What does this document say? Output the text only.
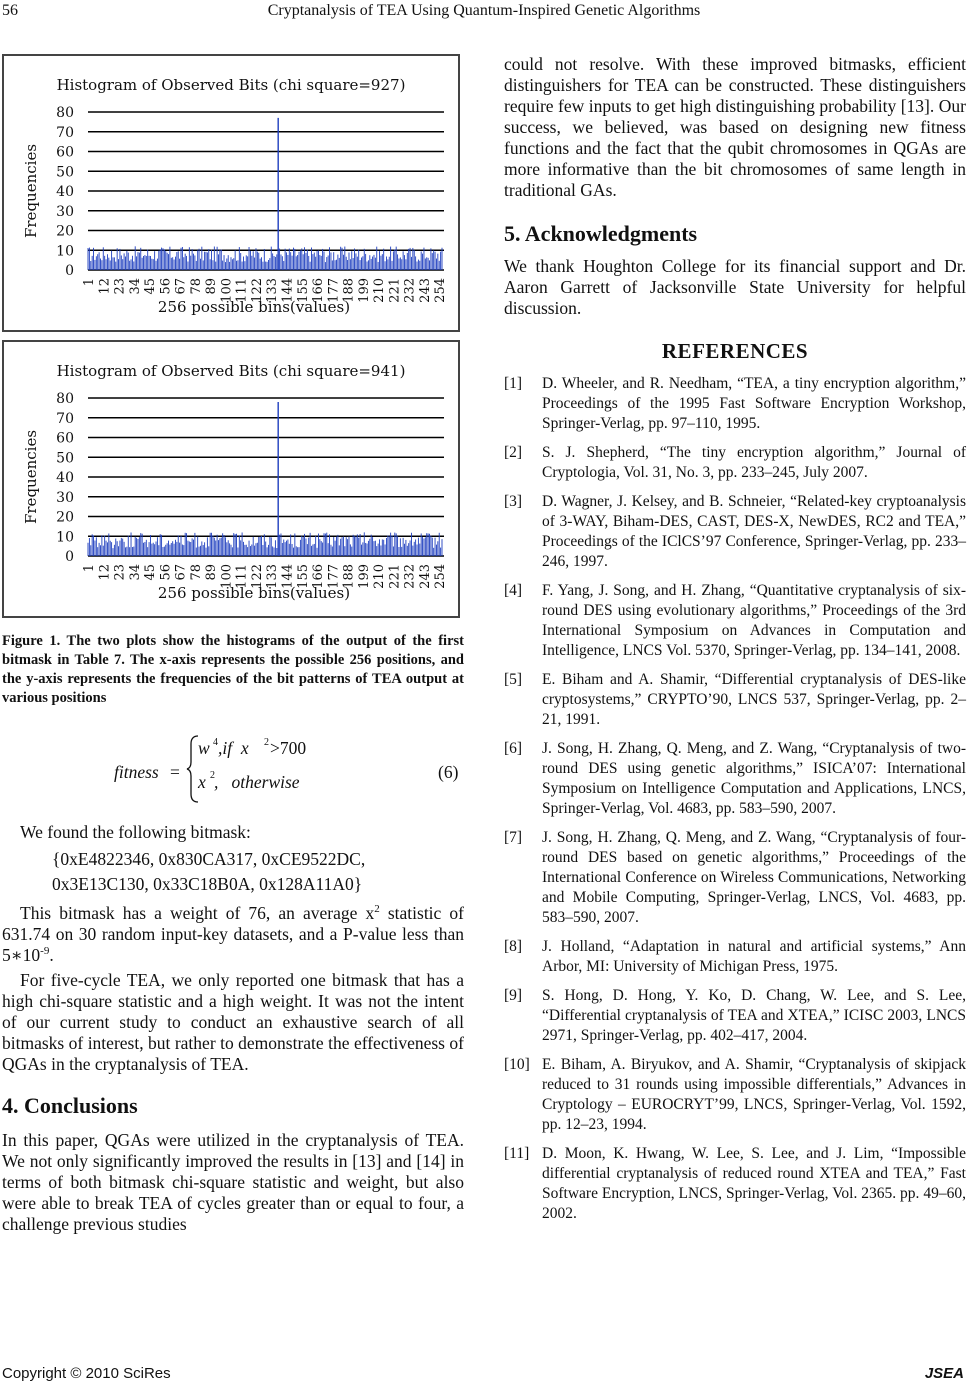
56	Cryptanalysis of TEA Using Quantum-Inspired Genetic Algorithms
Histogram of Observed Bits (chi square=927)
0
10
20
30
40
50
60
70
80
Frequencies
1 12 23 34 45 56 67 78 89 100 111 122 133 144 155 166 177 188 199 210 221 232 243 254
256 possible bins(values)
Histogram of Observed Bits (chi square=941)
0
10
20
30
40
50
60
70
80
Frequencies
1 12 23 34 45 56 67 78 89 100 111 122 133 144 155 166 177 188 199 210 221 232 243 254
256 possible bins(values)

Figure 1. The two plots show the histograms of the output of the first bitmask in Table 7. The x-axis represents the possible 256 positions, and the y-axis represents the frequencies of the bit patterns of TEA output at various positions

fitness =
w 4 ,if  x 2 >700
x 2 ,   otherwise	(6)

We found the following bitmask:

{0xE4822346, 0x830CA317, 0xCE9522DC,

0x3E13C130, 0x33C18B0A, 0x128A11A0}

This bitmask has a weight of 76, an average $x^2$ statistic of 631.74 on 30 random input-key datasets, and a P-value less than $5∗10^{-9}$.

For five-cycle TEA, we only reported one bitmask that has a high chi-square statistic and a high weight. It was not the intent of our current study to conduct an exhaustive search of all bitmasks of interest, but rather to demonstrate the effectiveness of QGAs in the cryptanalysis of TEA.

4. Conclusions

In this paper, QGAs were utilized in the cryptanalysis of TEA. We not only significantly improved the results in [13] and [14] in terms of both bitmask chi-square statistic and weight, but also were able to break TEA of cycles greater than or equal to four, a challenge previous studies

could not resolve. With these improved bitmasks, efficient distinguishers for TEA can be constructed. These distinguishers require few inputs to get high distinguishing probability [13]. Our success, we believed, was based on designing new fitness functions and the fact that the qubit chromosomes in QGAs are more informative than the bit chromosomes of same length in traditional GAs.

5. Acknowledgments

We thank Houghton College for its financial support and Dr. Aaron Garrett of Jacksonville State University for helpful discussion.

REFERENCES
[1]	D. Wheeler, and R. Needham, “TEA, a tiny encryption algorithm,” Proceedings of the 1995 Fast Software Encryption Workshop, Springer-Verlag, pp. 97–110, 1995.
[2]	S. J. Shepherd, “The tiny encryption algorithm,” Journal of Cryptologia, Vol. 31, No. 3, pp. 233–245, July 2007.
[3]	D. Wagner, J. Kelsey, and B. Schneier, “Related-key cryptoanalysis of 3-WAY, Biham-DES, CAST, DES-X, NewDES, RC2 and TEA,” Proceedings of the IClCS’97 Conference, Springer-Verlag, pp. 233–246, 1997.
[4]	F. Yang, J. Song, and H. Zhang, “Quantitative cryptanalysis of six-round DES using evolutionary algorithms,” Proceedings of the 3rd International Symposium on Advances in Computation and Intelligence, LNCS Vol. 5370, Springer-Verlag, pp. 134–141, 2008.
[5]	E. Biham and A. Shamir, “Differential cryptanalysis of DES-like cryptosystems,” CRYPTO’90, LNCS 537, Springer-Verlag, pp. 2–21, 1991.
[6]	J. Song, H. Zhang, Q. Meng, and Z. Wang, “Cryptanalysis of two-round DES using genetic algorithms,” ISICA’07: International Symposium on Intelligence Computation and Applications, LNCS, Springer-Verlag, Vol. 4683, pp. 583–590, 2007.
[7]	J. Song, H. Zhang, Q. Meng, and Z. Wang, “Cryptanalysis of four-round DES based on genetic algorithms,” Proceedings of the International Conference on Wireless Communications, Networking and Mobile Computing, Springer-Verlag, LNCS, Vol. 4683, pp. 583–590, 2007.
[8]	J. Holland, “Adaptation in natural and artificial systems,” Ann Arbor, MI: University of Michigan Press, 1975.
[9]	S. Hong, D. Hong, Y. Ko, D. Chang, W. Lee, and S. Lee, “Differential cryptanalysis of TEA and XTEA,” ICISC 2003, LNCS 2971, Springer-Verlag, pp. 402–417, 2004.
[10] E. Biham, A. Biryukov, and A. Shamir, “Cryptanalysis of skipjack reduced to 31 rounds using impossible differentials,” Advances in Cryptology – EUROCRYT’99, LNCS, Springer-Verlag, Vol. 1592, pp. 12–23, 1994.
[11] D. Moon, K. Hwang, W. Lee, S. Lee, and J. Lim, “Impossible differential cryptanalysis of reduced round XTEA and TEA,” Fast Software Encryption, LNCS, Springer-Verlag, Vol. 2365. pp. 49–60, 2002.
Copyright © 2010 SciRes	JSEA
